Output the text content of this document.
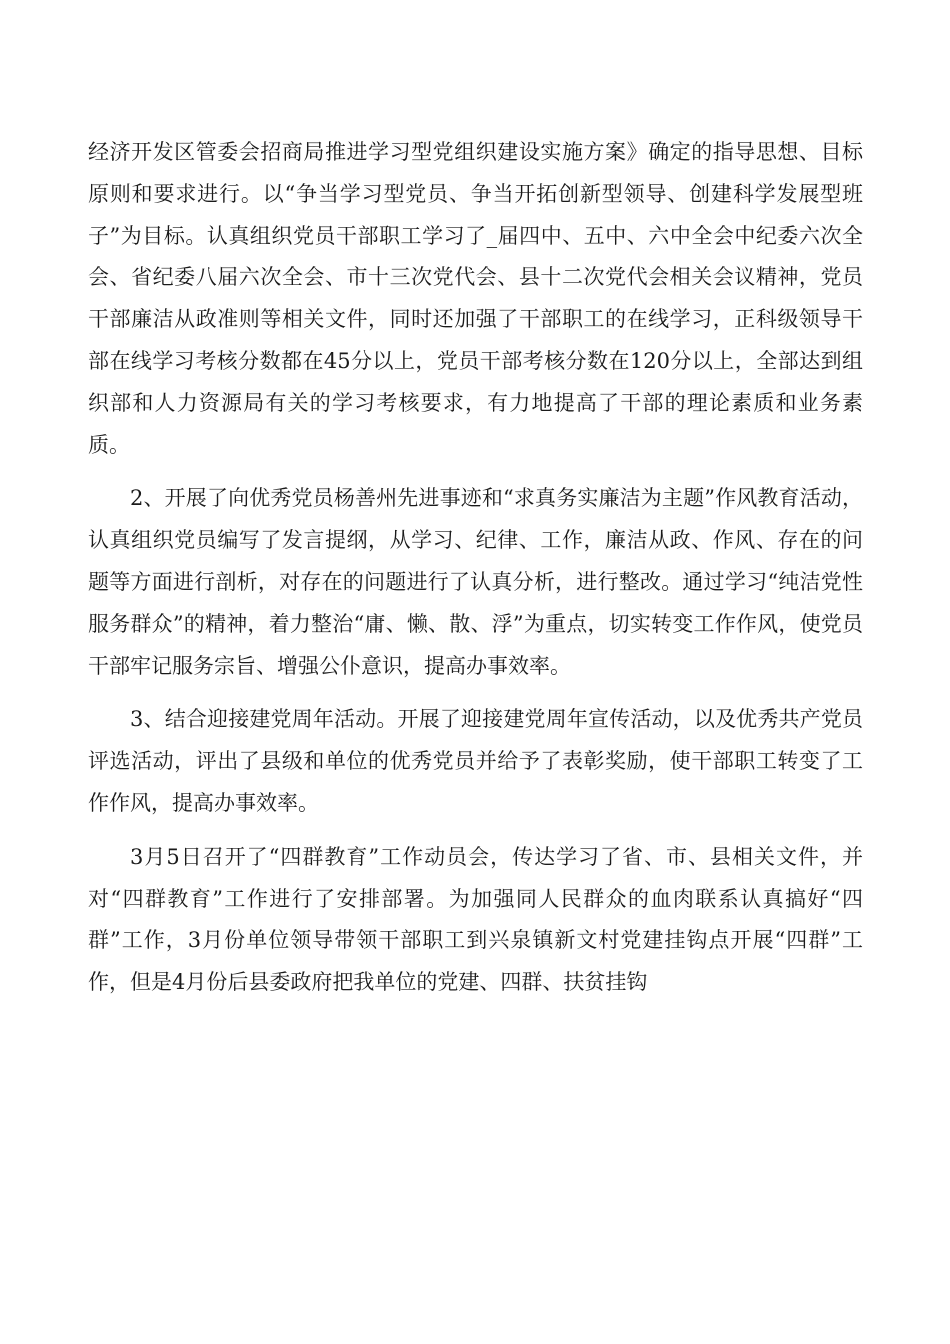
经济开发区管委会招商局推进学习型党组织建设实施方案》确定的指导思想、目标原则和要求进行。以“争当学习型党员、争当开拓创新型领导、创建科学发展型班子”为目标。认真组织党员干部职工学习了_届四中、五中、六中全会中纪委六次全会、省纪委八届六次全会、市十三次党代会、县十二次党代会相关会议精神，党员干部廉洁从政准则等相关文件，同时还加强了干部职工的在线学习，正科级领导干部在线学习考核分数都在45分以上，党员干部考核分数在120分以上，全部达到组织部和人力资源局有关的学习考核要求，有力地提高了干部的理论素质和业务素质。

2、开展了向优秀党员杨善州先进事迹和“求真务实廉洁为主题”作风教育活动，认真组织党员编写了发言提纲，从学习、纪律、工作，廉洁从政、作风、存在的问题等方面进行剖析，对存在的问题进行了认真分析，进行整改。通过学习“纯洁党性服务群众”的精神，着力整治“庸、懒、散、浮”为重点，切实转变工作作风，使党员干部牢记服务宗旨、增强公仆意识，提高办事效率。

3、结合迎接建党周年活动。开展了迎接建党周年宣传活动，以及优秀共产党员评选活动，评出了县级和单位的优秀党员并给予了表彰奖励，使干部职工转变了工作作风，提高办事效率。

3月5日召开了“四群教育”工作动员会，传达学习了省、市、县相关文件，并对“四群教育”工作进行了安排部署。为加强同人民群众的血肉联系认真搞好“四群”工作，3月份单位领导带领干部职工到兴泉镇新文村党建挂钩点开展“四群”工作，但是4月份后县委政府把我单位的党建、四群、扶贫挂钩
